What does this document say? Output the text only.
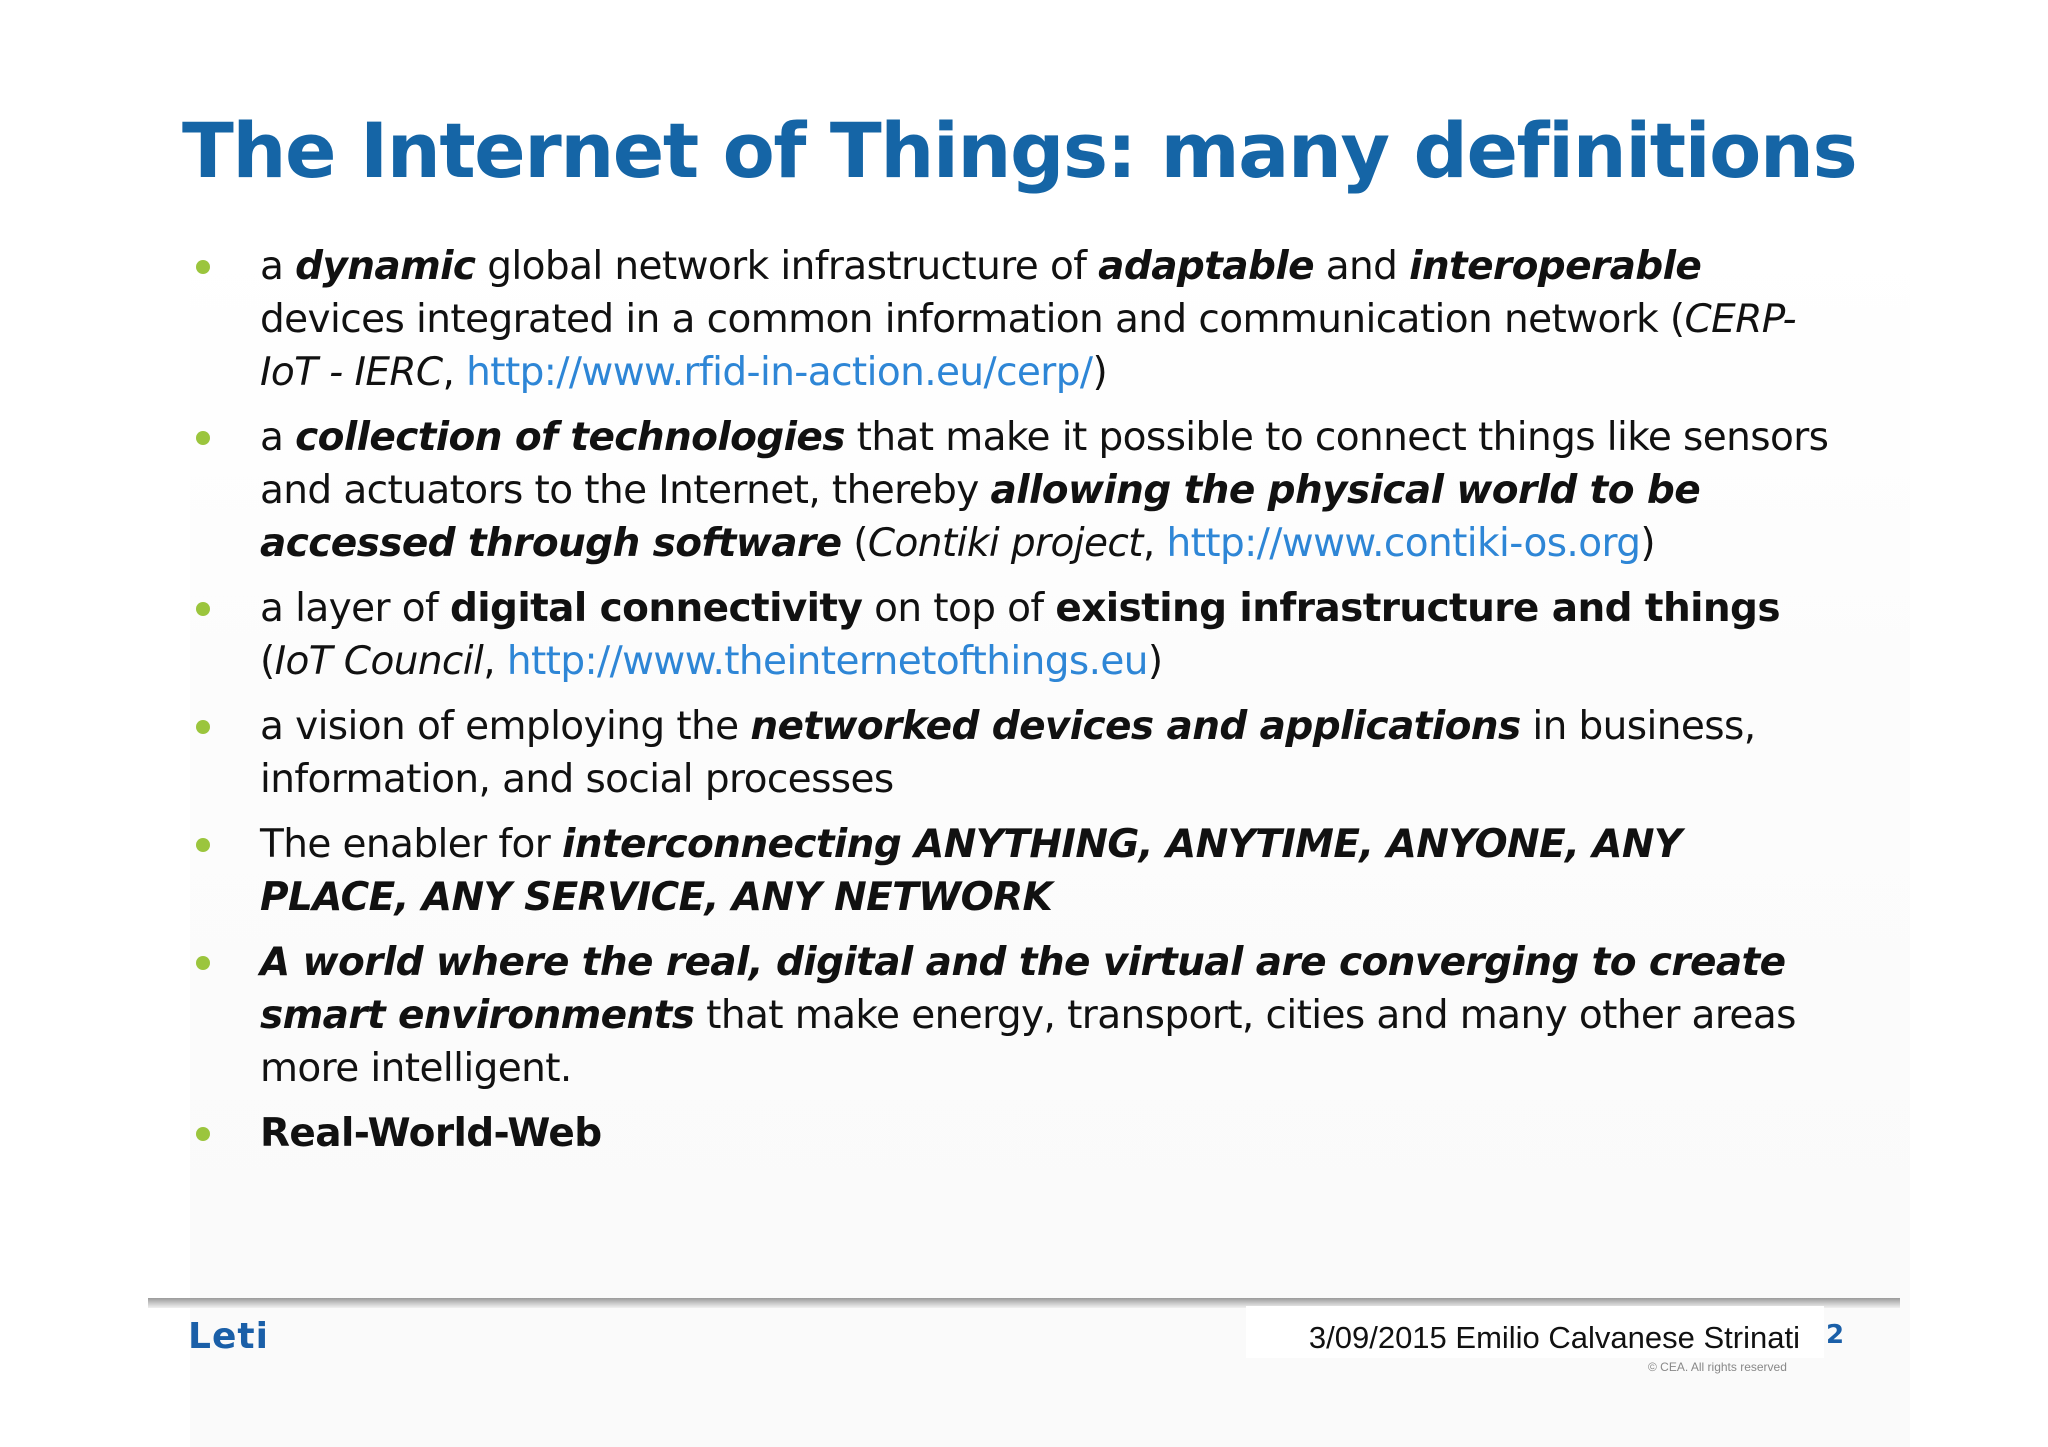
The Internet of Things: many definitions
a dynamic global network infrastructure of adaptable and interoperable devices integrated in a common information and communication network (CERP-IoT - IERC, http://www.rfid-in-action.eu/cerp/)
a collection of technologies that make it possible to connect things like sensors and actuators to the Internet, thereby allowing the physical world to be accessed through software (Contiki project, http://www.contiki-os.org)
a layer of digital connectivity on top of existing infrastructure and things (IoT Council, http://www.theinternetofthings.eu)
a vision of employing the networked devices and applications in business, information, and social processes
The enabler for interconnecting ANYTHING, ANYTIME, ANYONE, ANY PLACE, ANY SERVICE, ANY NETWORK
A world where the real, digital and the virtual are converging to create smart environments that make energy, transport, cities and many other areas more intelligent.
Real-World-Web
Leti	3/09/2015 Emilio Calvanese Strinati 2
© CEA. All rights reserved
